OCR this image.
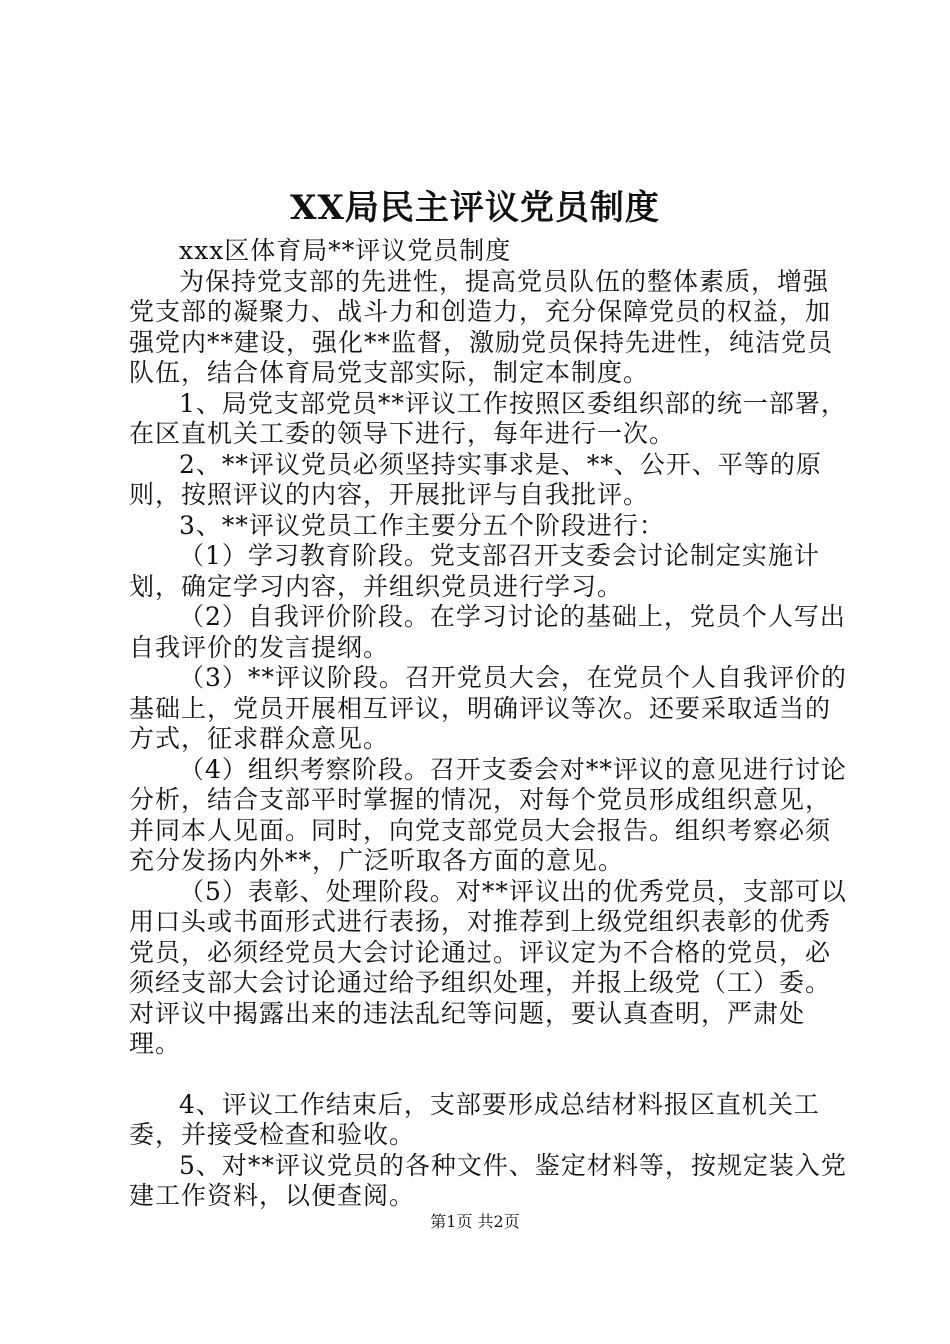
XX局民主评议党员制度

xxx区体育局**评议党员制度

为保持党支部的先进性，提高党员队伍的整体素质，增强党支部的凝聚力、战斗力和创造力，充分保障党员的权益，加强党内**建设，强化**监督，激励党员保持先进性，纯洁党员队伍，结合体育局党支部实际，制定本制度。

1、局党支部党员**评议工作按照区委组织部的统一部署，在区直机关工委的领导下进行，每年进行一次。

2、**评议党员必须坚持实事求是、**、公开、平等的原则，按照评议的内容，开展批评与自我批评。

3、**评议党员工作主要分五个阶段进行：

（1）学习教育阶段。党支部召开支委会讨论制定实施计划，确定学习内容，并组织党员进行学习。

（2）自我评价阶段。在学习讨论的基础上，党员个人写出自我评价的发言提纲。

（3）**评议阶段。召开党员大会，在党员个人自我评价的基础上，党员开展相互评议，明确评议等次。还要采取适当的方式，征求群众意见。

（4）组织考察阶段。召开支委会对**评议的意见进行讨论分析，结合支部平时掌握的情况，对每个党员形成组织意见，并同本人见面。同时，向党支部党员大会报告。组织考察必须充分发扬内外**，广泛听取各方面的意见。

（5）表彰、处理阶段。对**评议出的优秀党员，支部可以用口头或书面形式进行表扬，对推荐到上级党组织表彰的优秀党员，必须经党员大会讨论通过。评议定为不合格的党员，必须经支部大会讨论通过给予组织处理，并报上级党（工）委。对评议中揭露出来的违法乱纪等问题，要认真查明，严肃处理。

4、评议工作结束后，支部要形成总结材料报区直机关工委，并接受检查和验收。

5、对**评议党员的各种文件、鉴定材料等，按规定装入党建工作资料，以便查阅。

第1页 共2页
